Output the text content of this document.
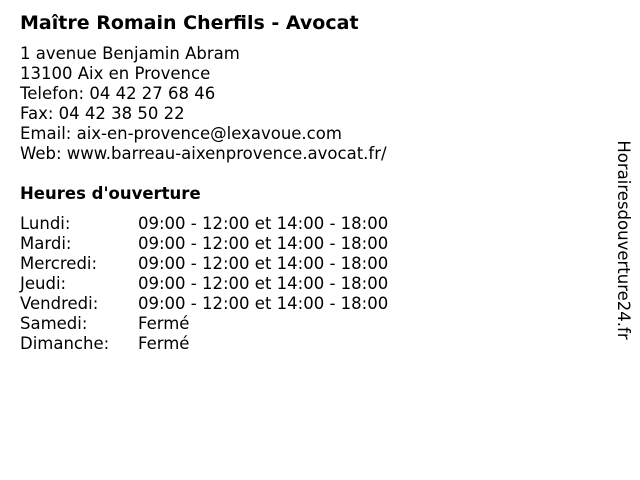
Maître Romain Cherfils - Avocat
1 avenue Benjamin Abram
13100 Aix en Provence
Telefon: 04 42 27 68 46
Fax: 04 42 38 50 22
Email: aix-en-provence@lexavoue.com
Web: www.barreau-aixenprovence.avocat.fr/
Heures d'ouverture
Lundi:	09:00 - 12:00 et 14:00 - 18:00
Mardi:	09:00 - 12:00 et 14:00 - 18:00
Mercredi: 09:00 - 12:00 et 14:00 - 18:00
Jeudi:	09:00 - 12:00 et 14:00 - 18:00
Vendredi: 09:00 - 12:00 et 14:00 - 18:00
Samedi:	Fermé
Dimanche: Fermé
Horairesdouverture24.fr
